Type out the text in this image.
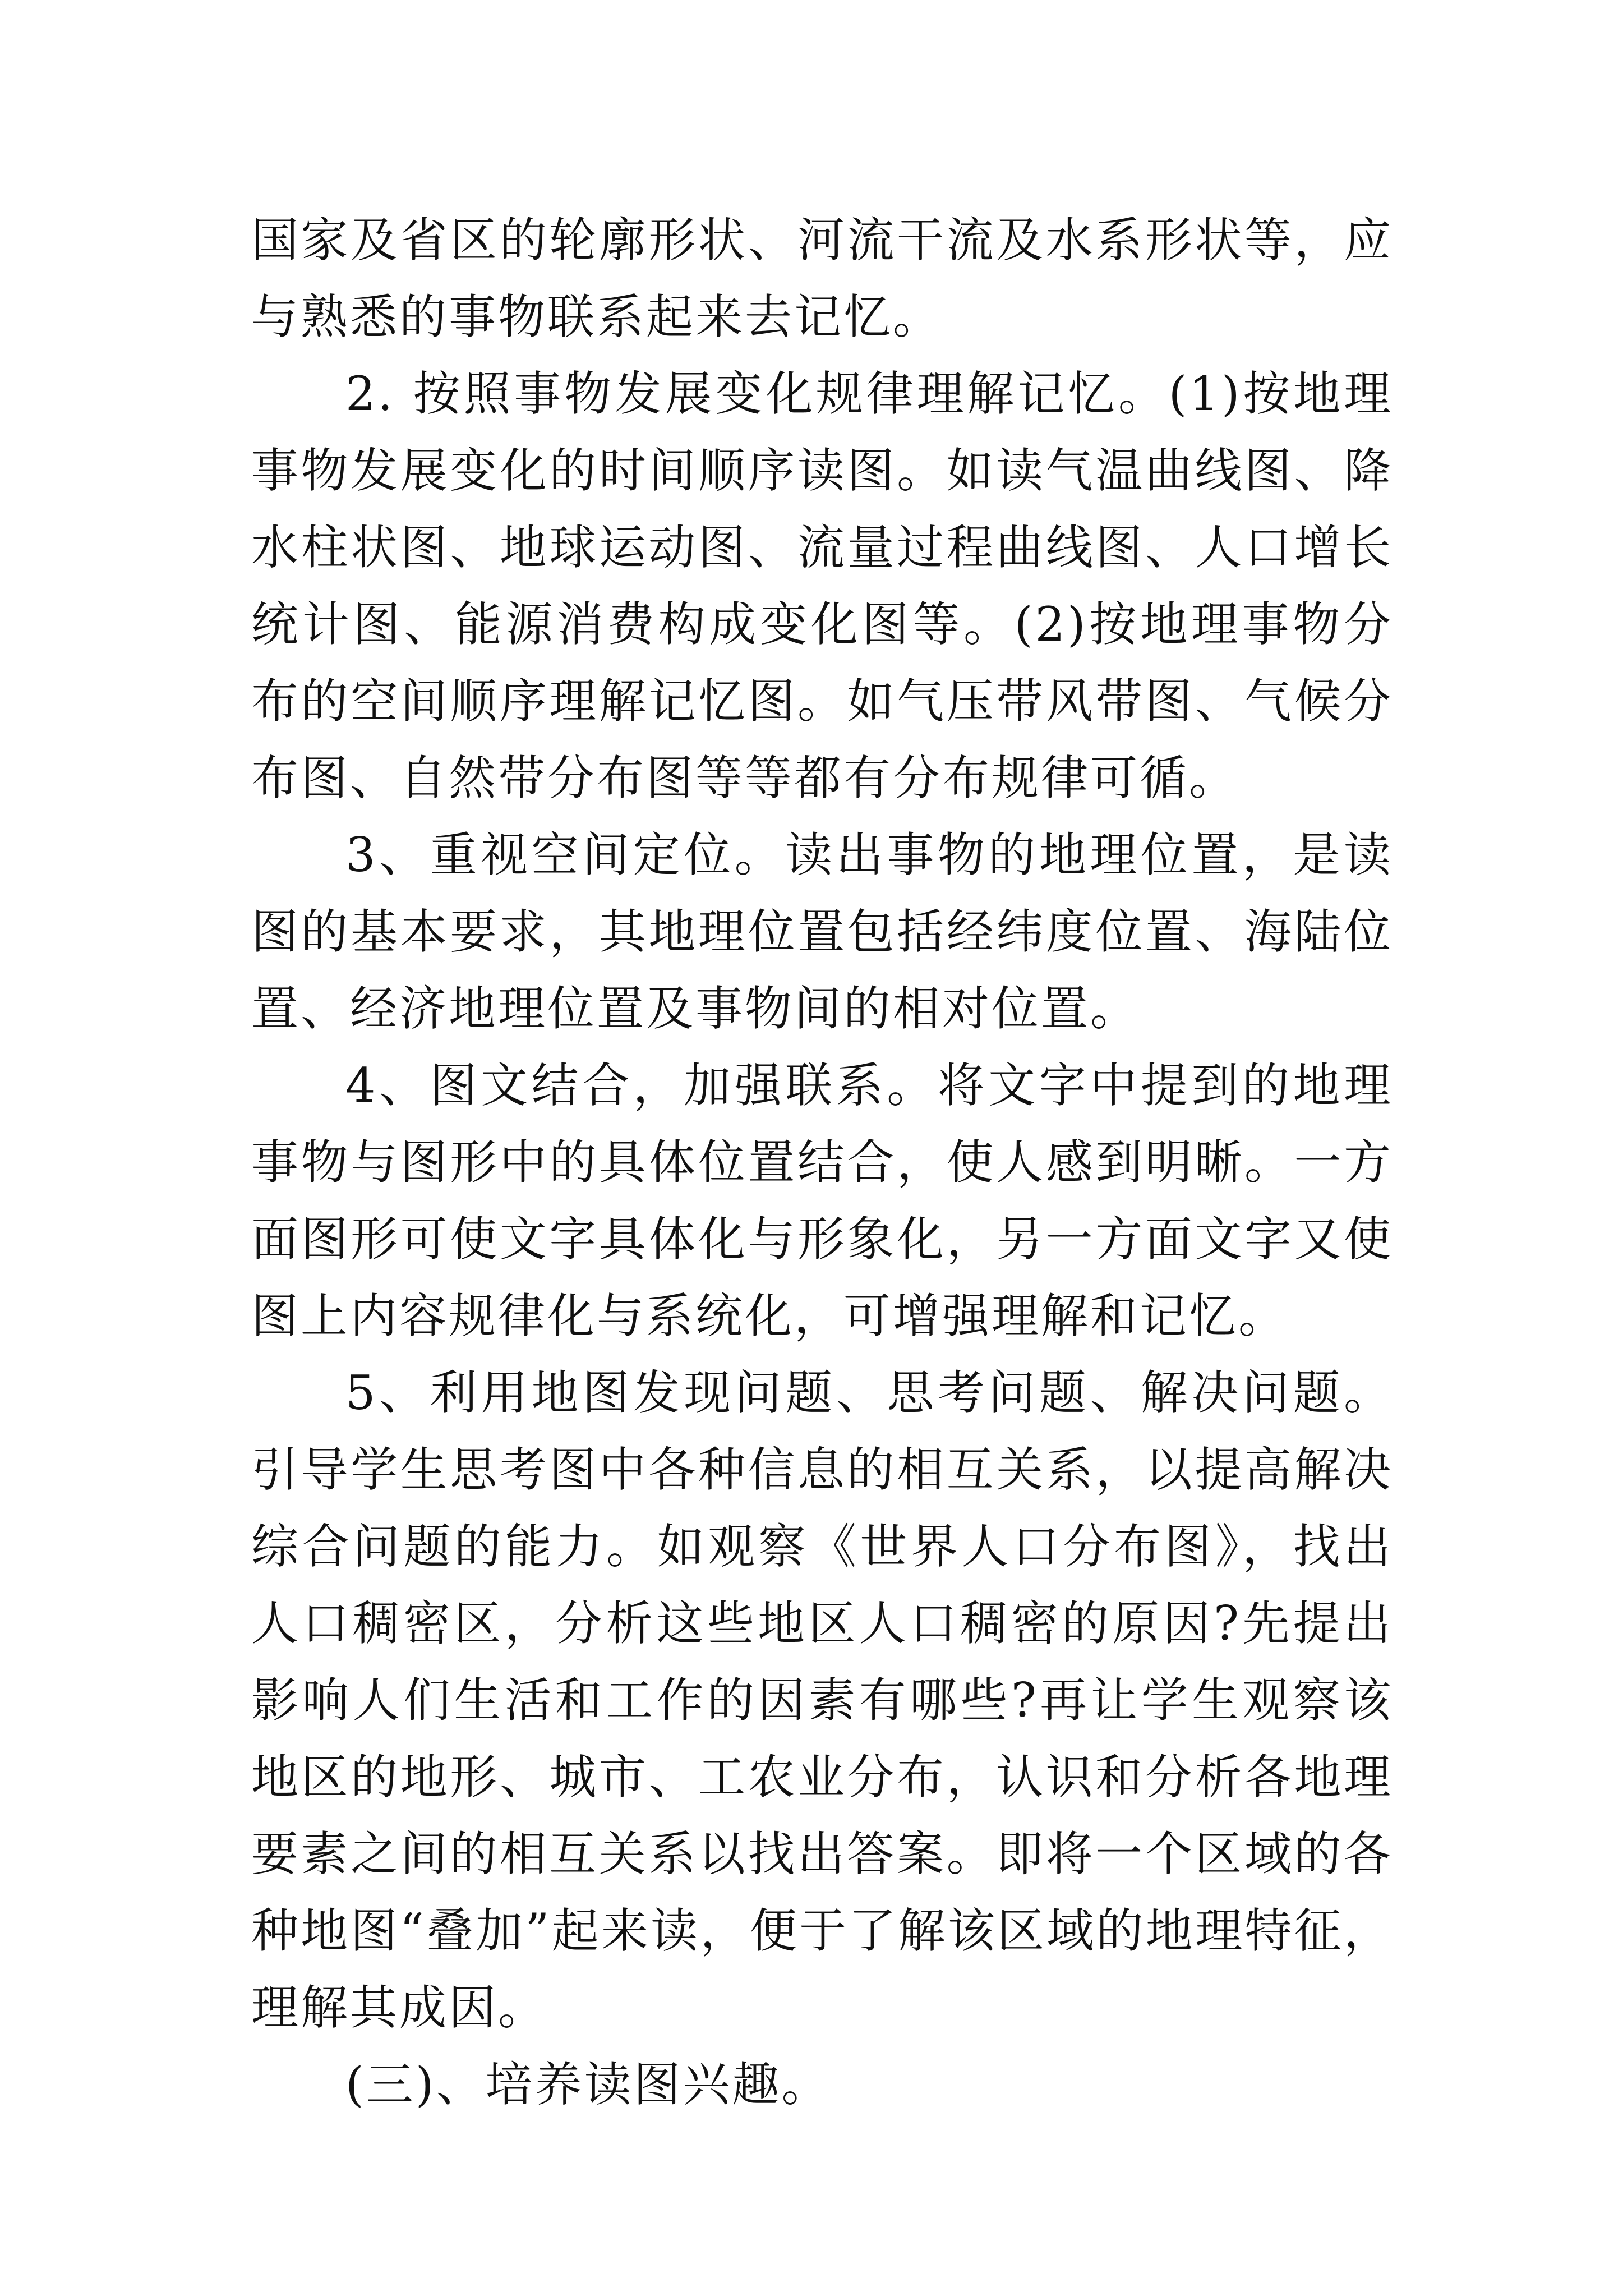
国家及省区的轮廓形状、河流干流及水系形状等，应与熟悉的事物联系起来去记忆。

2. 按照事物发展变化规律理解记忆。(1)按地理事物发展变化的时间顺序读图。如读气温曲线图、降水柱状图、地球运动图、流量过程曲线图、人口增长统计图、能源消费构成变化图等。(2)按地理事物分布的空间顺序理解记忆图。如气压带风带图、气候分布图、自然带分布图等等都有分布规律可循。

3、重视空间定位。读出事物的地理位置，是读图的基本要求，其地理位置包括经纬度位置、海陆位置、经济地理位置及事物间的相对位置。

4、图文结合，加强联系。将文字中提到的地理事物与图形中的具体位置结合，使人感到明晰。一方面图形可使文字具体化与形象化，另一方面文字又使图上内容规律化与系统化，可增强理解和记忆。

5、利用地图发现问题、思考问题、解决问题。引导学生思考图中各种信息的相互关系，以提高解决综合问题的能力。如观察《世界人口分布图》，找出人口稠密区，分析这些地区人口稠密的原因?先提出影响人们生活和工作的因素有哪些?再让学生观察该地区的地形、城市、工农业分布，认识和分析各地理要素之间的相互关系以找出答案。即将一个区域的各种地图“叠加”起来读，便于了解该区域的地理特征，理解其成因。

(三)、培养读图兴趣。
